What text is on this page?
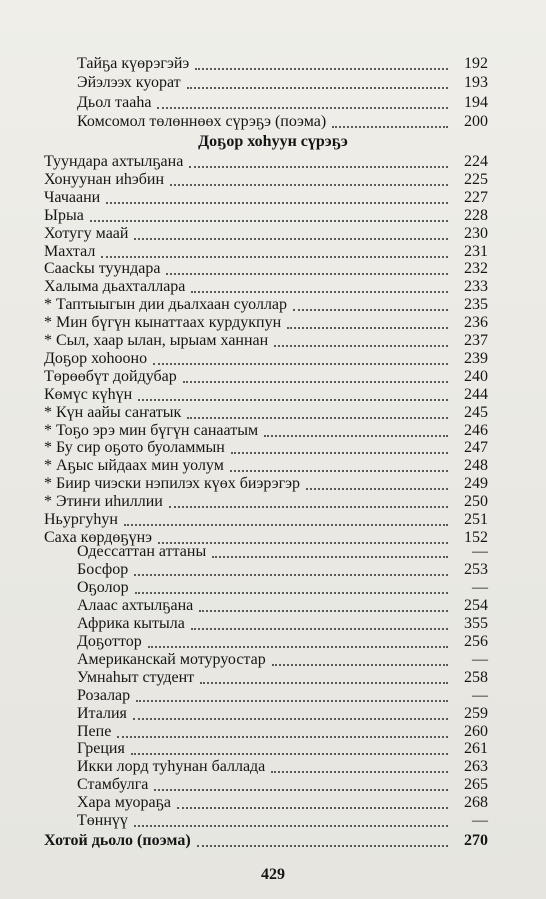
Тайҕа күөрэгэйэ	192
Эйэлээх куорат	193
Дьол тааһа	194
Комсомол төлөннөөх сүрэҕэ (поэма)	200
Туундара ахтылҕана	224
Хонуунан иһэбин	225
Чачаани	227
Ырыа	228
Хотугу маай	230
Махтал	231
Саасkы туундара	232
Халыма дьахталлара	233
* Таптыыгын дии дьалхаан суоллар	235
* Мин бүгүн кынаттаах курдукпун	236
* Сыл, хаар ылан, ырыам ханнан	237
Доҕор хоһооно	239
Төрөөбүт дойдубар	240
Көмүс күһүн	244
* Күн аайы саҥатык	245
* Тоҕо эрэ мин бүгүн санаатым	246
* Бу сир оҕото буоламмын	247
* Аҕыс ыйдаах мин уолум	248
* Биир чиэски нэпилэх күөх биэрэгэр	249
* Этиҥи иһиллии	250
Ньургуһун	251
Саха көрдөҕүнэ	152
Одессаттан аттаны	—
Босфор	253
Оҕолор	—
Алаас ахтылҕана	254
Африка кытыла	355
Доҕоттор	256
Американскай мотуруостар	—
Умнаһыт студент	258
Розалар	—
Италия	259
Пепе	260
Греция	261
Икки лорд туһунан баллада	263
Стамбулга	265
Хара муораҕа	268
Төннүү	—
Хотой дьоло (поэма)	270
Доҕор хоһуун сүрэҕэ
429
